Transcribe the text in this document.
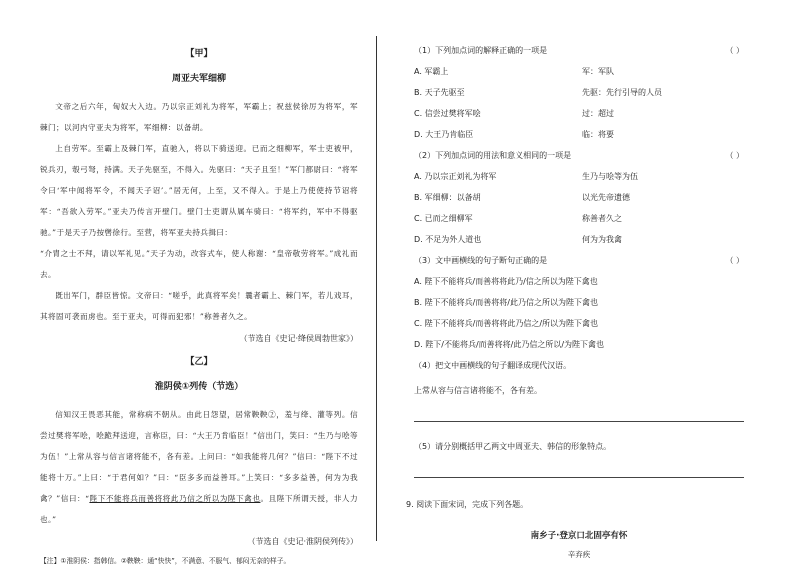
【甲】
周亚夫军细柳

文帝之后六年，匈奴大入边。乃以宗正刘礼为将军，军霸上；祝兹侯徐厉为将军，军棘门；以河内守亚夫为将军，军细柳：以备胡。

上自劳军。至霸上及棘门军，直驰入，将以下骑送迎。已而之细柳军，军士吏被甲，锐兵刃，彀弓弩，持满。天子先驱至，不得入。先驱曰：“天子且至！”军门都尉曰：“将军令曰‘军中闻将军令，不闻天子诏’。”居无何，上至，又不得入。于是上乃使使持节诏将军：“吾欲入劳军。”亚夫乃传言开壁门。壁门士吏谓从属车骑曰：“将军约，军中不得驱驰。”于是天子乃按辔徐行。至营，将军亚夫持兵揖曰：

“介胄之士不拜，请以军礼见。”天子为动，改容式车，使人称谢：“皇帝敬劳将军。”成礼而去。

既出军门，群臣皆惊。文帝曰：“嗟乎，此真将军矣！曩者霸上、棘门军，若儿戏耳，其将固可袭而虏也。至于亚夫，可得而犯邪！”称善者久之。

（节选自《史记·绛侯周勃世家》）
【乙】
淮阴侯①列传（节选）

信知汉王畏恶其能，常称病不朝从。由此日怨望，居常鞅鞅②，羞与绛、灌等列。信尝过樊将军哙，哙跪拜送迎，言称臣，曰：“大王乃肯临臣！”信出门，笑曰：“生乃与哙等为伍！”上常从容与信言诸将能不，各有差。上问曰：“如我能将几何？”信曰：“陛下不过能将十万。”上曰：“于君何如？”曰：“臣多多而益善耳。”上笑曰：“多多益善，何为为我禽？”信曰：“陛下不能将兵而善将将此乃信之所以为陛下禽也。且陛下所谓天授，非人力也。”

（节选自《史记·淮阴侯列传》）
【注】①淮阴侯：指韩信。②鞅鞅：通“快快”，不满意、不服气、郁闷无奈的样子。
（1）下列加点词的解释正确的一项是	（ ）
A. 军霸上	军：军队
B. 天子先驱至	先驱：先行引导的人员
C. 信尝过樊将军哙	过：超过
D. 大王乃肯临臣	临：将要
（2）下列加点词的用法和意义相同的一项是	（ ）
A. 乃以宗正刘礼为将军	生乃与哙等为伍
B. 军细柳：以备胡	以光先帝遗德
C. 已而之细柳军	称善者久之
D. 不足为外人道也	何为为我禽
（3）文中画横线的句子断句正确的是	（ ）
A. 陛下不能将兵/而善将将此乃/信之所以为陛下禽也
B. 陛下不能将兵/而善将将/此乃信之所以为陛下禽也
C. 陛下不能将兵/而善将将此乃信之/所以为陛下禽也
D. 陛下/不能将兵/而善将将/此乃信之所以/为陛下禽也
（4）把文中画横线的句子翻译成现代汉语。
上常从容与信言诸将能不，各有差。
（5）请分别概括甲乙两文中周亚夫、韩信的形象特点。
9. 阅读下面宋词，完成下列各题。
南乡子·登京口北固亭有怀
辛弃疾
